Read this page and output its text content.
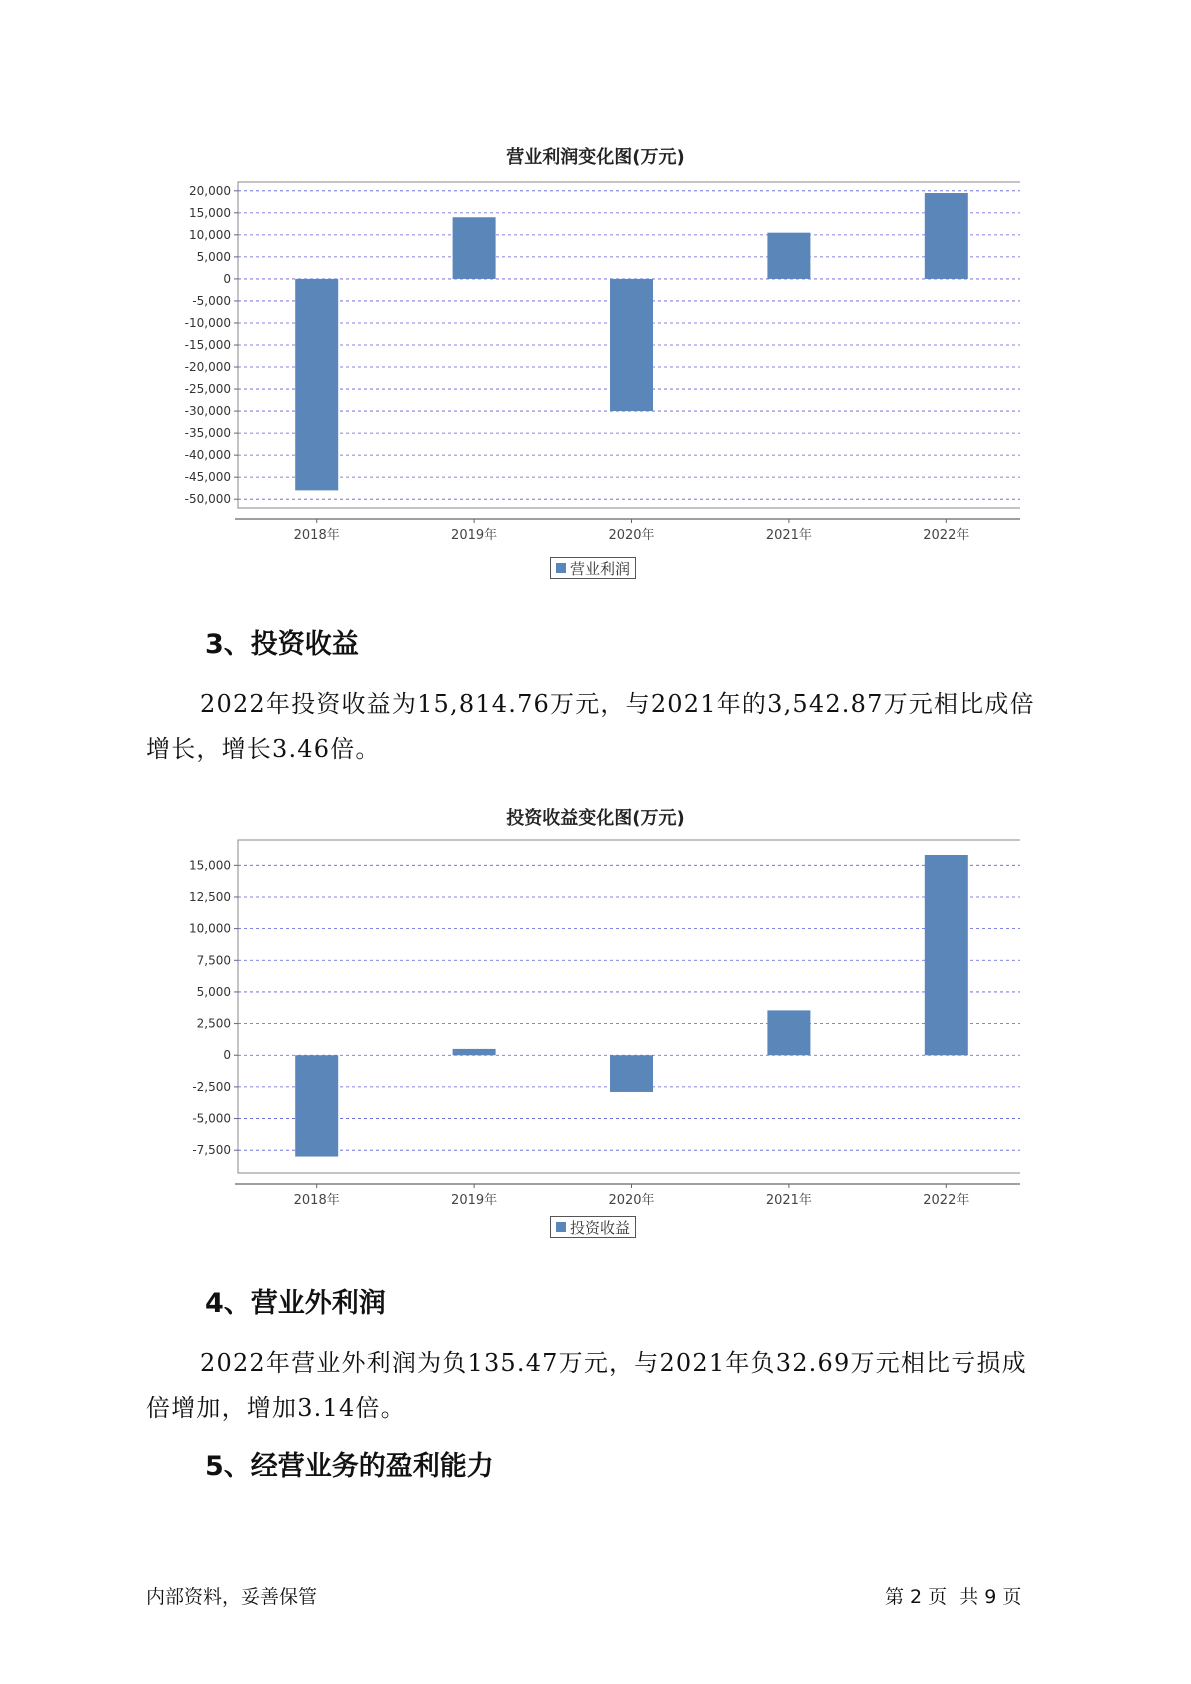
营业利润变化图(万元)
20,000
15,000
10,000
5,000
0
-5,000
-10,000
-15,000
-20,000
-25,000
-30,000
-35,000
-40,000
-45,000
-50,000
2018年	2019年	2020年	2021年	2022年
营业利润
3、投资收益
2022年投资收益为15,814.76万元，与2021年的3,542.87万元相比成倍
增长，增长3.46倍。
投资收益变化图(万元)
15,000
12,500
10,000
7,500
5,000
2,500
0
-2,500
-5,000
-7,500
2018年	2019年	2020年	2021年	2022年
投资收益
4、营业外利润
2022年营业外利润为负135.47万元，与2021年负32.69万元相比亏损成
倍增加，增加3.14倍。
5、经营业务的盈利能力
内部资料，妥善保管	第 2 页  共 9 页
